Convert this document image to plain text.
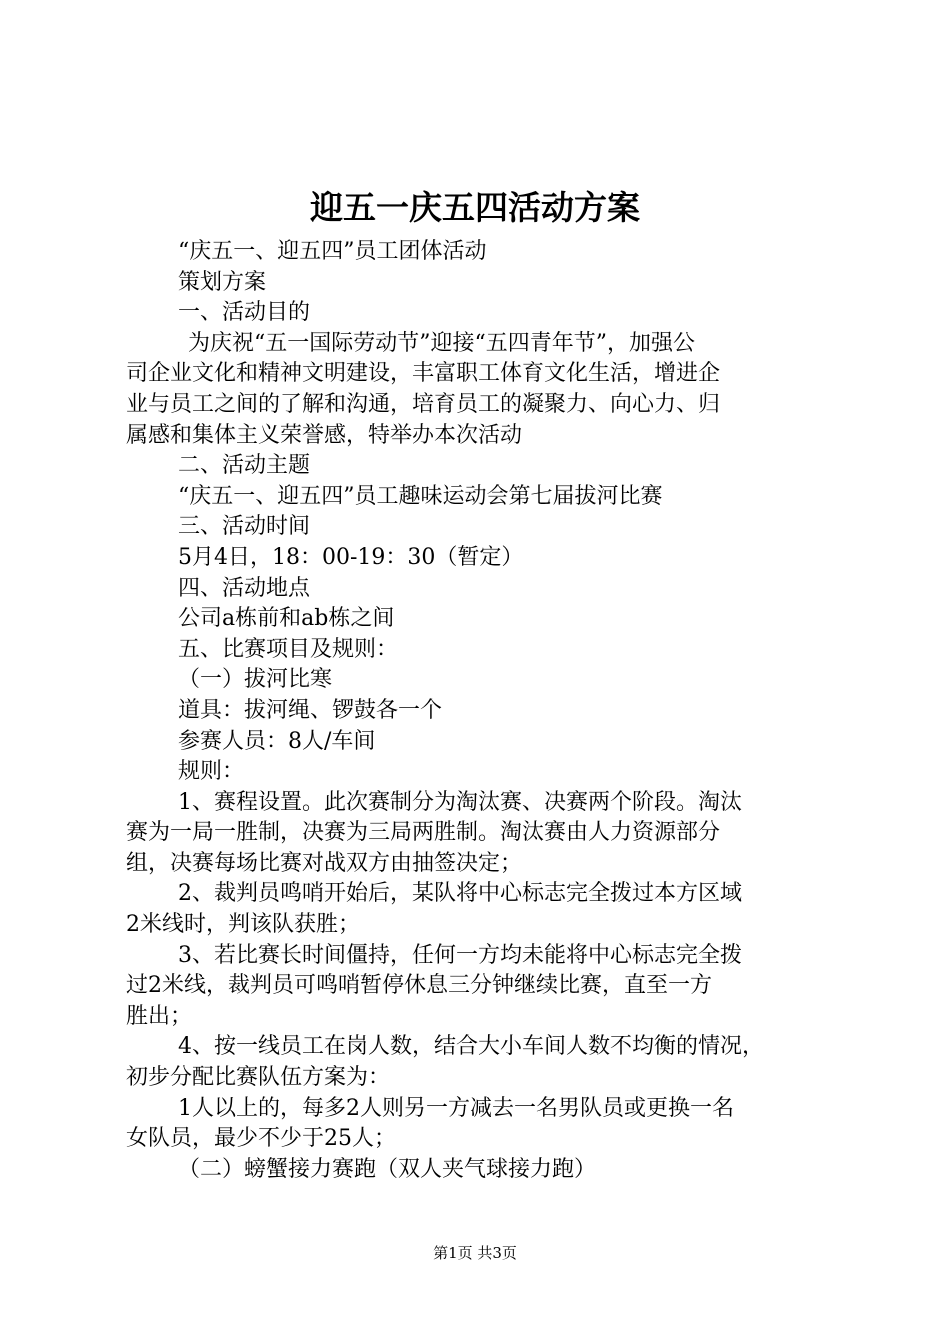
迎五一庆五四活动方案
“庆五一、迎五四”员工团体活动
策划方案
一、活动目的
为庆祝“五一国际劳动节”迎接“五四青年节”，加强公
司企业文化和精神文明建设，丰富职工体育文化生活，增进企
业与员工之间的了解和沟通，培育员工的凝聚力、向心力、归
属感和集体主义荣誉感，特举办本次活动
二、活动主题
“庆五一、迎五四”员工趣味运动会第七届拔河比赛
三、活动时间
5月4日，18：00-19：30（暂定）
四、活动地点
公司a栋前和ab栋之间
五、比赛项目及规则：
（一）拔河比寒
道具：拔河绳、锣鼓各一个
参赛人员：8人/车间
规则：
1、赛程设置。此次赛制分为淘汰赛、决赛两个阶段。淘汰
赛为一局一胜制，决赛为三局两胜制。淘汰赛由人力资源部分
组，决赛每场比赛对战双方由抽签决定；
2、裁判员鸣哨开始后，某队将中心标志完全拨过本方区域
2米线时，判该队获胜；
3、若比赛长时间僵持，任何一方均未能将中心标志完全拨
过2米线，裁判员可鸣哨暂停休息三分钟继续比赛，直至一方
胜出；
4、按一线员工在岗人数，结合大小车间人数不均衡的情况，
初步分配比赛队伍方案为：
1人以上的，每多2人则另一方减去一名男队员或更换一名
女队员，最少不少于25人；
（二）螃蟹接力赛跑（双人夹气球接力跑）
第1页 共3页
